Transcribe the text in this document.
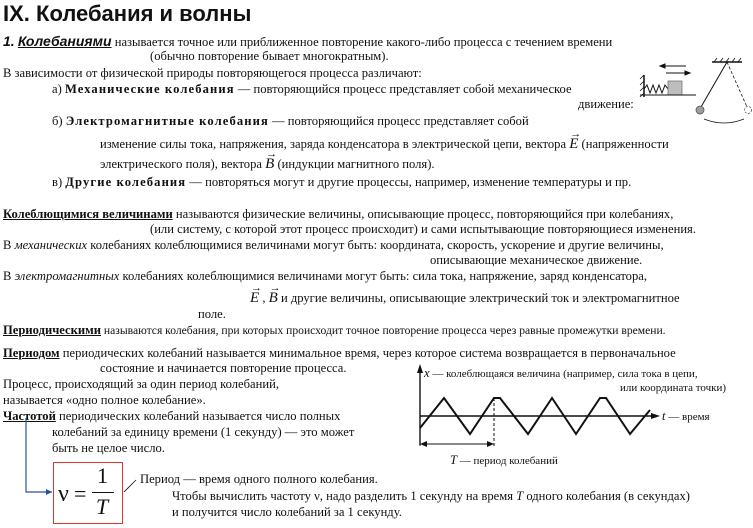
IX. Колебания и волны
1. Колебаниями называется точное или приближенное повторение какого-либо процесса с течением времени
(обычно повторение бывает многократным).
В зависимости от физической природы повторяющегося процесса различают:
а) Механические колебания — повторяющийся процесс представляет собой механическое
движение:
б) Электромагнитные колебания — повторяющийся процесс представляет собой
изменение силы тока, напряжения, заряда конденсатора в электрической цепи, вектора
→
E (напряженности
электрического поля), вектора
→
B (индукции магнитного поля).
в) Другие колебания — повторяться могут и другие процессы, например, изменение температуры и пр.
Колеблющимися величинами называются физические величины, описывающие процесс, повторяющийся при колебаниях,
(или систему, с которой этот процесс происходит) и сами испытывающие повторяющиеся изменения.
В механических колебаниях колеблющимися величинами могут быть: координата, скорость, ускорение и другие величины,
описывающие механическое движение.
В электромагнитных колебаниях колеблющимися величинами могут быть: сила тока, напряжение, заряд конденсатора,
→
E ,
→
B и другие величины, описывающие электрический ток и электромагнитное
поле.
Периодическими называются колебания, при которых происходит точное повторение процесса через равные промежутки времени.
Периодом периодических колебаний называется минимальное время, через которое система возвращается в первоначальное
состояние и начинается повторение процесса.
Процесс, происходящий за один период колебаний,
называется «одно полное колебание».
Частотой периодических колебаний называется число полных
колебаний за единицу времени (1 секунду) — это может
быть не целое число.
ν =
1
T
Период — время одного полного колебания.
Чтобы вычислить частоту ν, надо разделить 1 секунду на время T одного колебания (в секундах)
и получится число колебаний за 1 секунду.
x — колеблющаяся величина (например, сила тока в цепи,
или координата точки)
t — время
T — период колебаний
